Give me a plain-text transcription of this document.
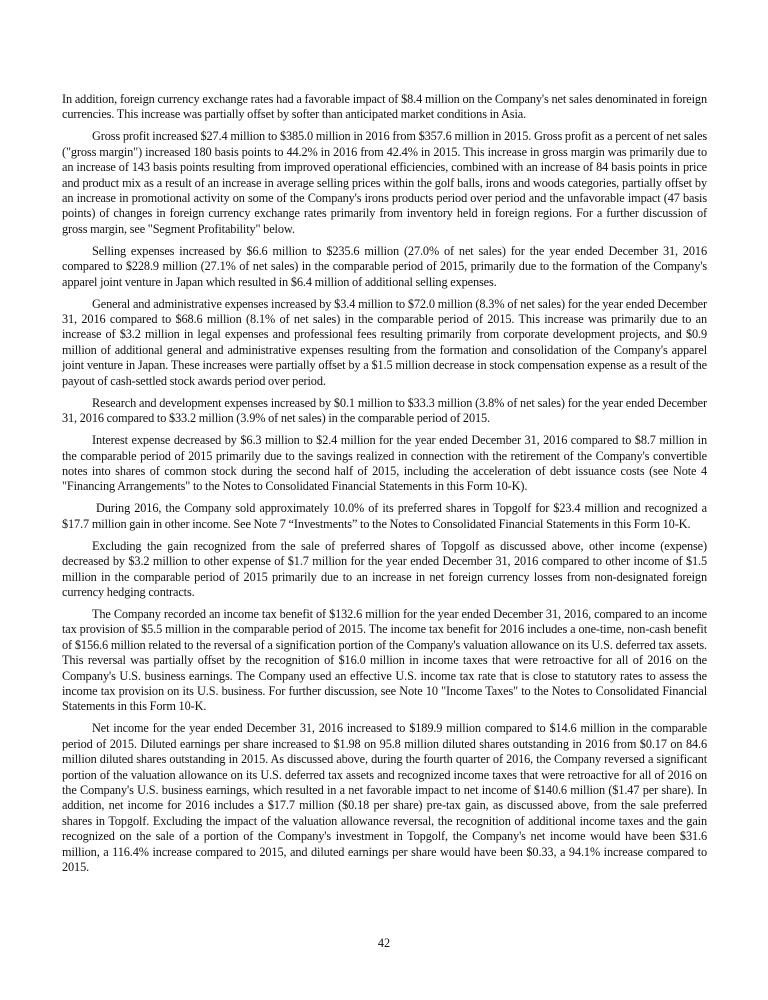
In addition, foreign currency exchange rates had a favorable impact of $8.4 million on the Company's net sales denominated in foreign currencies. This increase was partially offset by softer than anticipated market conditions in Asia.

Gross profit increased $27.4 million to $385.0 million in 2016 from $357.6 million in 2015. Gross profit as a percent of net sales ("gross margin") increased 180 basis points to 44.2% in 2016 from 42.4% in 2015. This increase in gross margin was primarily due to an increase of 143 basis points resulting from improved operational efficiencies, combined with an increase of 84 basis points in price and product mix as a result of an increase in average selling prices within the golf balls, irons and woods categories, partially offset by an increase in promotional activity on some of the Company's irons products period over period and the unfavorable impact (47 basis points) of changes in foreign currency exchange rates primarily from inventory held in foreign regions. For a further discussion of gross margin, see "Segment Profitability" below.

Selling expenses increased by $6.6 million to $235.6 million (27.0% of net sales) for the year ended December 31, 2016 compared to $228.9 million (27.1% of net sales) in the comparable period of 2015, primarily due to the formation of the Company's apparel joint venture in Japan which resulted in $6.4 million of additional selling expenses.

General and administrative expenses increased by $3.4 million to $72.0 million (8.3% of net sales) for the year ended December 31, 2016 compared to $68.6 million (8.1% of net sales) in the comparable period of 2015. This increase was primarily due to an increase of $3.2 million in legal expenses and professional fees resulting primarily from corporate development projects, and $0.9 million of additional general and administrative expenses resulting from the formation and consolidation of the Company's apparel joint venture in Japan. These increases were partially offset by a $1.5 million decrease in stock compensation expense as a result of the payout of cash-settled stock awards period over period.

Research and development expenses increased by $0.1 million to $33.3 million (3.8% of net sales) for the year ended December 31, 2016 compared to $33.2 million (3.9% of net sales) in the comparable period of 2015.

Interest expense decreased by $6.3 million to $2.4 million for the year ended December 31, 2016 compared to $8.7 million in the comparable period of 2015 primarily due to the savings realized in connection with the retirement of the Company's convertible notes into shares of common stock during the second half of 2015, including the acceleration of debt issuance costs (see Note 4 "Financing Arrangements" to the Notes to Consolidated Financial Statements in this Form 10-K).

During 2016, the Company sold approximately 10.0% of its preferred shares in Topgolf for $23.4 million and recognized a $17.7 million gain in other income. See Note 7 “Investments” to the Notes to Consolidated Financial Statements in this Form 10-K.

Excluding the gain recognized from the sale of preferred shares of Topgolf as discussed above, other income (expense) decreased by $3.2 million to other expense of $1.7 million for the year ended December 31, 2016 compared to other income of $1.5 million in the comparable period of 2015 primarily due to an increase in net foreign currency losses from non-designated foreign currency hedging contracts.

The Company recorded an income tax benefit of $132.6 million for the year ended December 31, 2016, compared to an income tax provision of $5.5 million in the comparable period of 2015. The income tax benefit for 2016 includes a one-time, non-cash benefit of $156.6 million related to the reversal of a signification portion of the Company's valuation allowance on its U.S. deferred tax assets. This reversal was partially offset by the recognition of $16.0 million in income taxes that were retroactive for all of 2016 on the Company's U.S. business earnings. The Company used an effective U.S. income tax rate that is close to statutory rates to assess the income tax provision on its U.S. business. For further discussion, see Note 10 "Income Taxes" to the Notes to Consolidated Financial Statements in this Form 10-K.

Net income for the year ended December 31, 2016 increased to $189.9 million compared to $14.6 million in the comparable period of 2015. Diluted earnings per share increased to $1.98 on 95.8 million diluted shares outstanding in 2016 from $0.17 on 84.6 million diluted shares outstanding in 2015. As discussed above, during the fourth quarter of 2016, the Company reversed a significant portion of the valuation allowance on its U.S. deferred tax assets and recognized income taxes that were retroactive for all of 2016 on the Company's U.S. business earnings, which resulted in a net favorable impact to net income of $140.6 million ($1.47 per share). In addition, net income for 2016 includes a $17.7 million ($0.18 per share) pre-tax gain, as discussed above, from the sale preferred shares in Topgolf. Excluding the impact of the valuation allowance reversal, the recognition of additional income taxes and the gain recognized on the sale of a portion of the Company's investment in Topgolf, the Company's net income would have been $31.6 million, a 116.4% increase compared to 2015, and diluted earnings per share would have been $0.33, a 94.1% increase compared to 2015.

42
